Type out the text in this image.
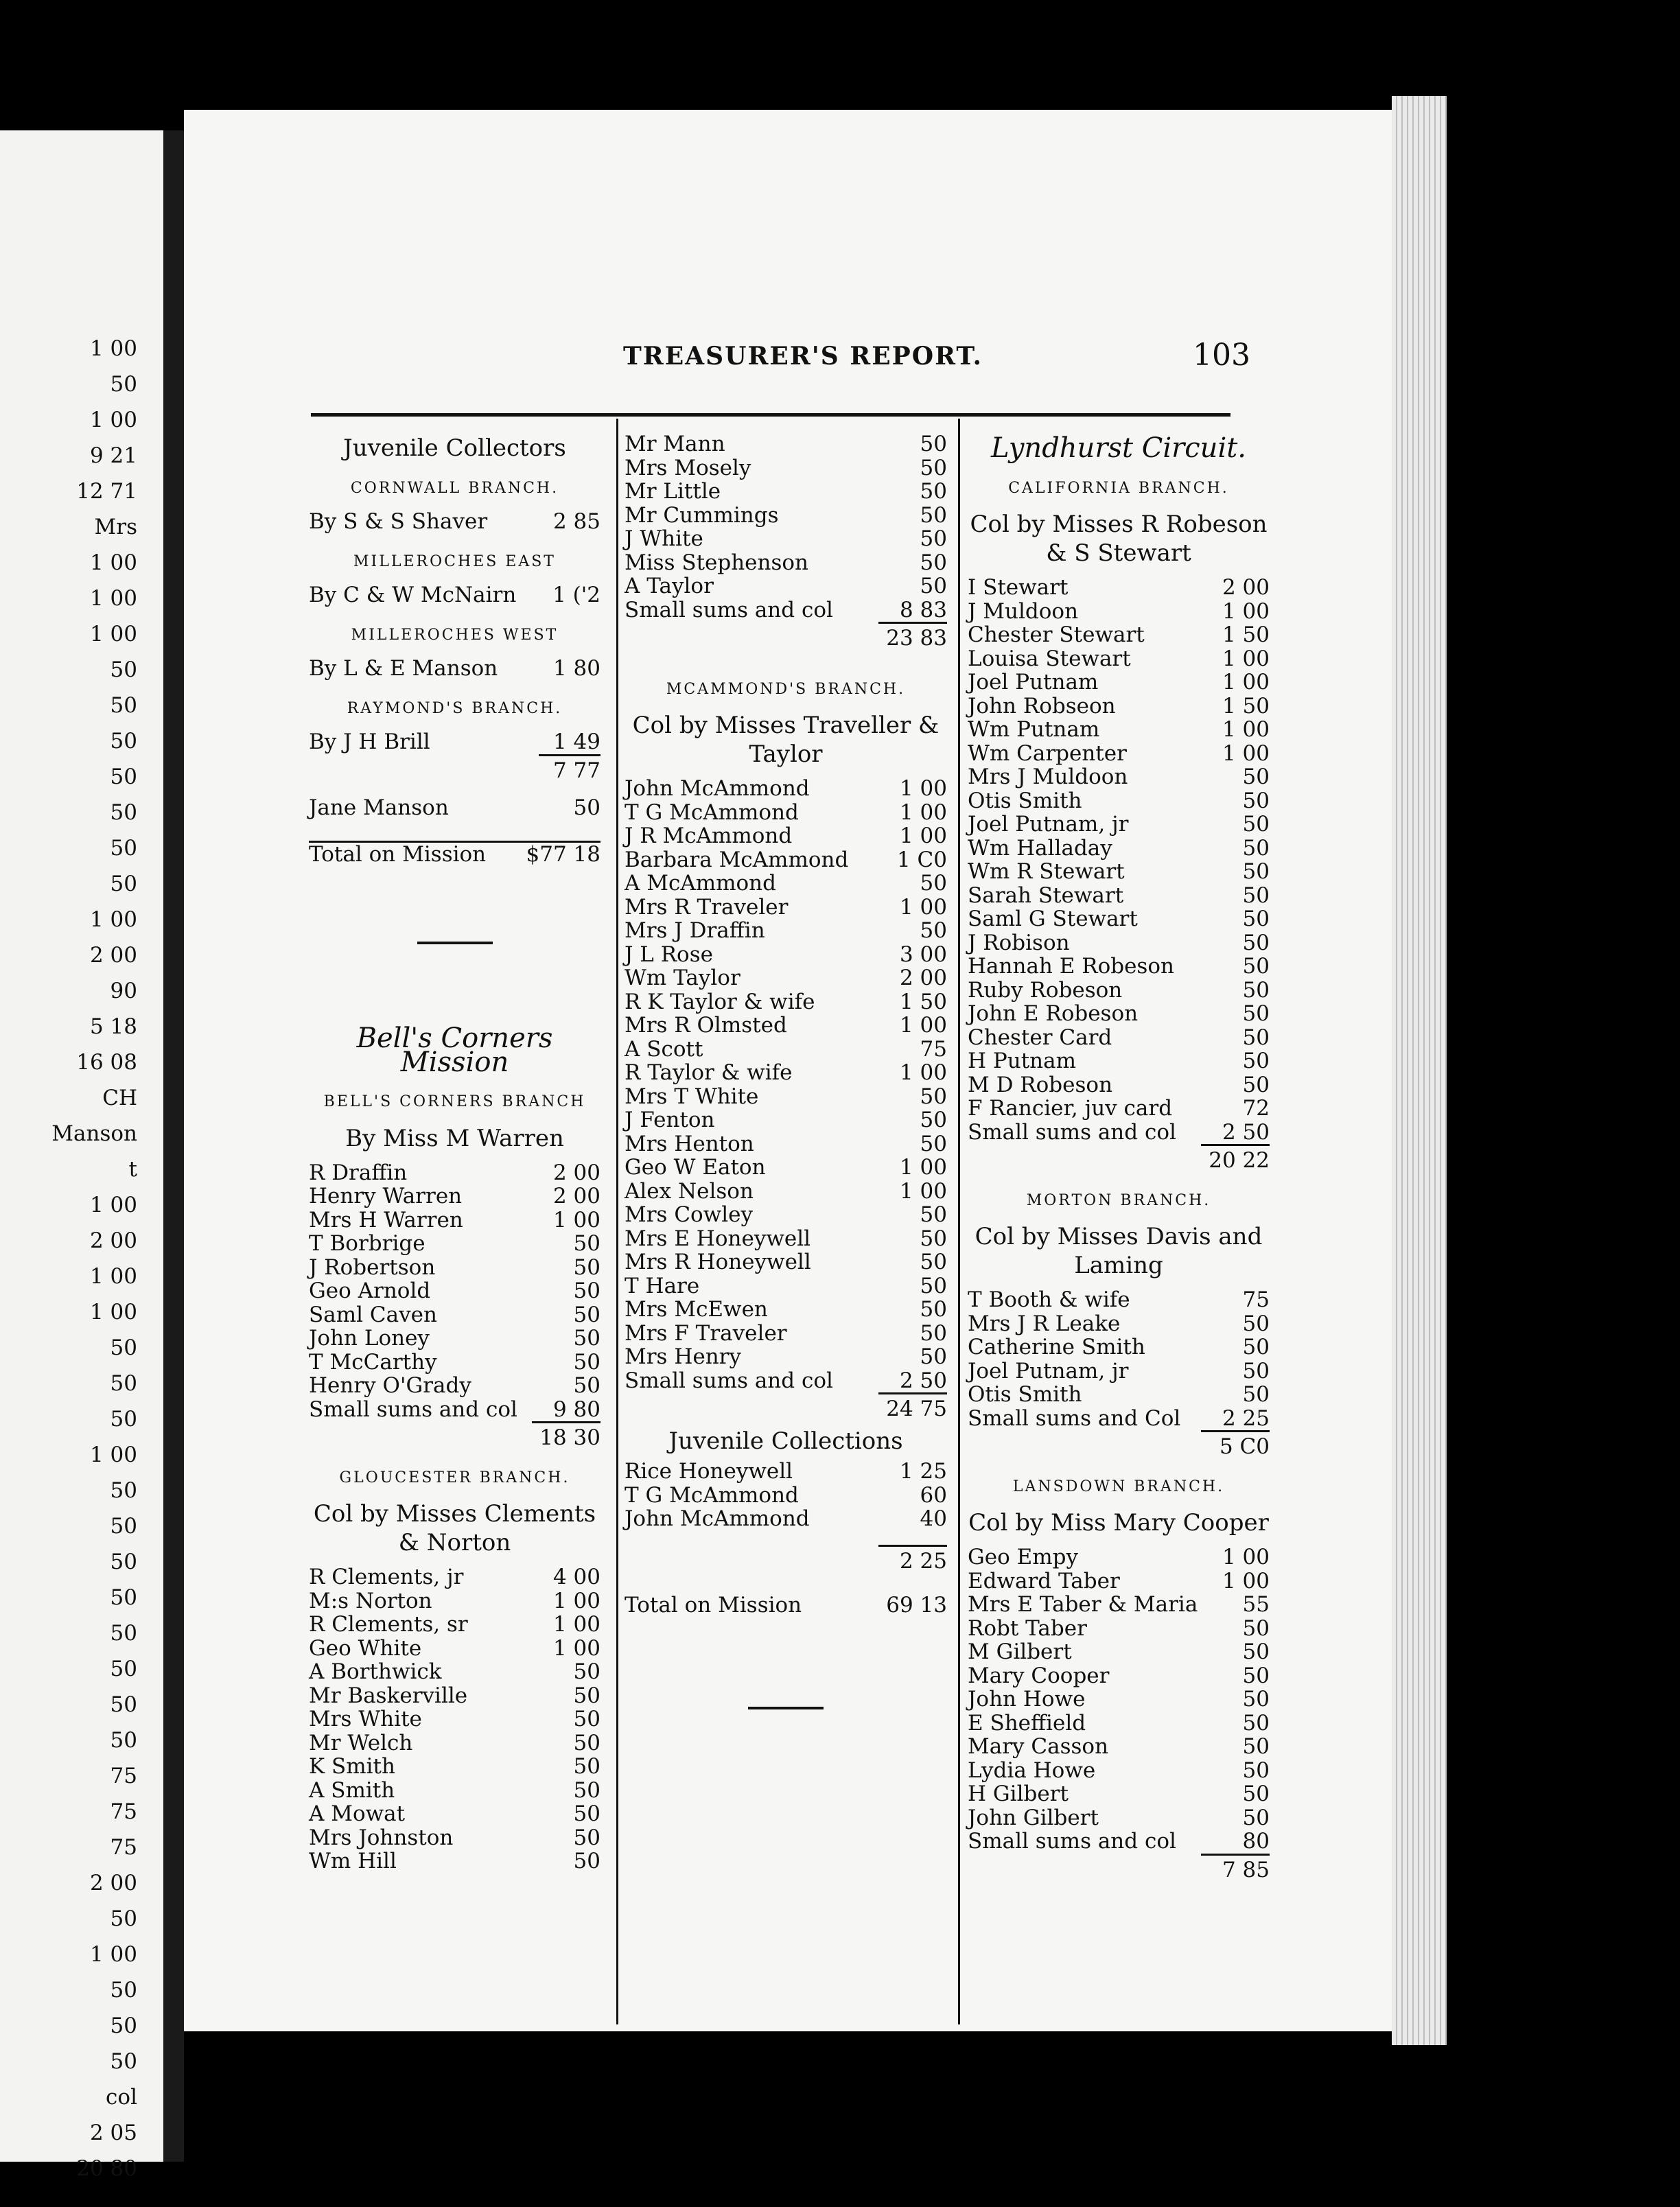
1 00
50
1 00
9 21
12 71
Mrs
1 00
1 00
1 00
50
50
50
50
50
50
50
1 00
2 00
90
5 18
16 08
CH
Manson
t
1 00
2 00
1 00
1 00
50
50
50
1 00
50
50
50
50
50
50
50
50
75
75
75
2 00
50
1 00
50
50
50
col
2 05
20 80
TREASURER'S REPORT.	103
Juvenile Collectors
CORNWALL BRANCH.
By S & S Shaver	2 85
MILLEROCHES EAST
By C & W McNairn 1 ('2
MILLEROCHES WEST
By L & E Manson	1 80
RAYMOND'S BRANCH.
By J H Brill	1 49
7 77
Jane Manson	50
Total on Mission $77 18
Bell's Corners Mission
BELL'S CORNERS BRANCH
By Miss M Warren
R Draffin	2 00
Henry Warren	2 00
Mrs H Warren	1 00
T Borbrige	50
J Robertson	50
Geo Arnold	50
Saml Caven	50
John Loney	50
T McCarthy	50
Henry O'Grady	50
Small sums and col 9 80
18 30
GLOUCESTER BRANCH.
Col by Misses Clements & Norton
R Clements, jr	4 00
M:s Norton	1 00
R Clements, sr	1 00
Geo White	1 00
A Borthwick	50
Mr Baskerville	50
Mrs White	50
Mr Welch	50
K Smith	50
A Smith	50
A Mowat	50
Mrs Johnston	50
Wm Hill	50
Mr Mann	50
Mrs Mosely	50
Mr Little	50
Mr Cummings	50
J White	50
Miss Stephenson	50
A Taylor	50
Small sums and col	8 83
23 83
MCAMMOND'S BRANCH.
Col by Misses Traveller & Taylor
John McAmmond	1 00
T G McAmmond	1 00
J R McAmmond	1 00
Barbara McAmmond 1 C0
A McAmmond	50
Mrs R Traveler	1 00
Mrs J Draffin	50
J L Rose	3 00
Wm Taylor	2 00
R K Taylor & wife	1 50
Mrs R Olmsted	1 00
A Scott	75
R Taylor & wife	1 00
Mrs T White	50
J Fenton	50
Mrs Henton	50
Geo W Eaton	1 00
Alex Nelson	1 00
Mrs Cowley	50
Mrs E Honeywell	50
Mrs R Honeywell	50
T Hare	50
Mrs McEwen	50
Mrs F Traveler	50
Mrs Henry	50
Small sums and col	2 50
24 75
Juvenile Collections
Rice Honeywell	1 25
T G McAmmond	60
John McAmmond	40
2 25
Total on Mission	69 13
Lyndhurst Circuit.
CALIFORNIA BRANCH.
Col by Misses R Robeson & S Stewart
I Stewart	2 00
J Muldoon	1 00
Chester Stewart	1 50
Louisa Stewart	1 00
Joel Putnam	1 00
John Robseon	1 50
Wm Putnam	1 00
Wm Carpenter	1 00
Mrs J Muldoon	50
Otis Smith	50
Joel Putnam, jr	50
Wm Halladay	50
Wm R Stewart	50
Sarah Stewart	50
Saml G Stewart	50
J Robison	50
Hannah E Robeson	50
Ruby Robeson	50
John E Robeson	50
Chester Card	50
H Putnam	50
M D Robeson	50
F Rancier, juv card	72
Small sums and col 2 50
20 22
MORTON BRANCH.
Col by Misses Davis and Laming
T Booth & wife	75
Mrs J R Leake	50
Catherine Smith	50
Joel Putnam, jr	50
Otis Smith	50
Small sums and Col 2 25
5 C0
LANSDOWN BRANCH.
Col by Miss Mary Cooper
Geo Empy	1 00
Edward Taber	1 00
Mrs E Taber & Maria 55
Robt Taber	50
M Gilbert	50
Mary Cooper	50
John Howe	50
E Sheffield	50
Mary Casson	50
Lydia Howe	50
H Gilbert	50
John Gilbert	50
Small sums and col	80
7 85
